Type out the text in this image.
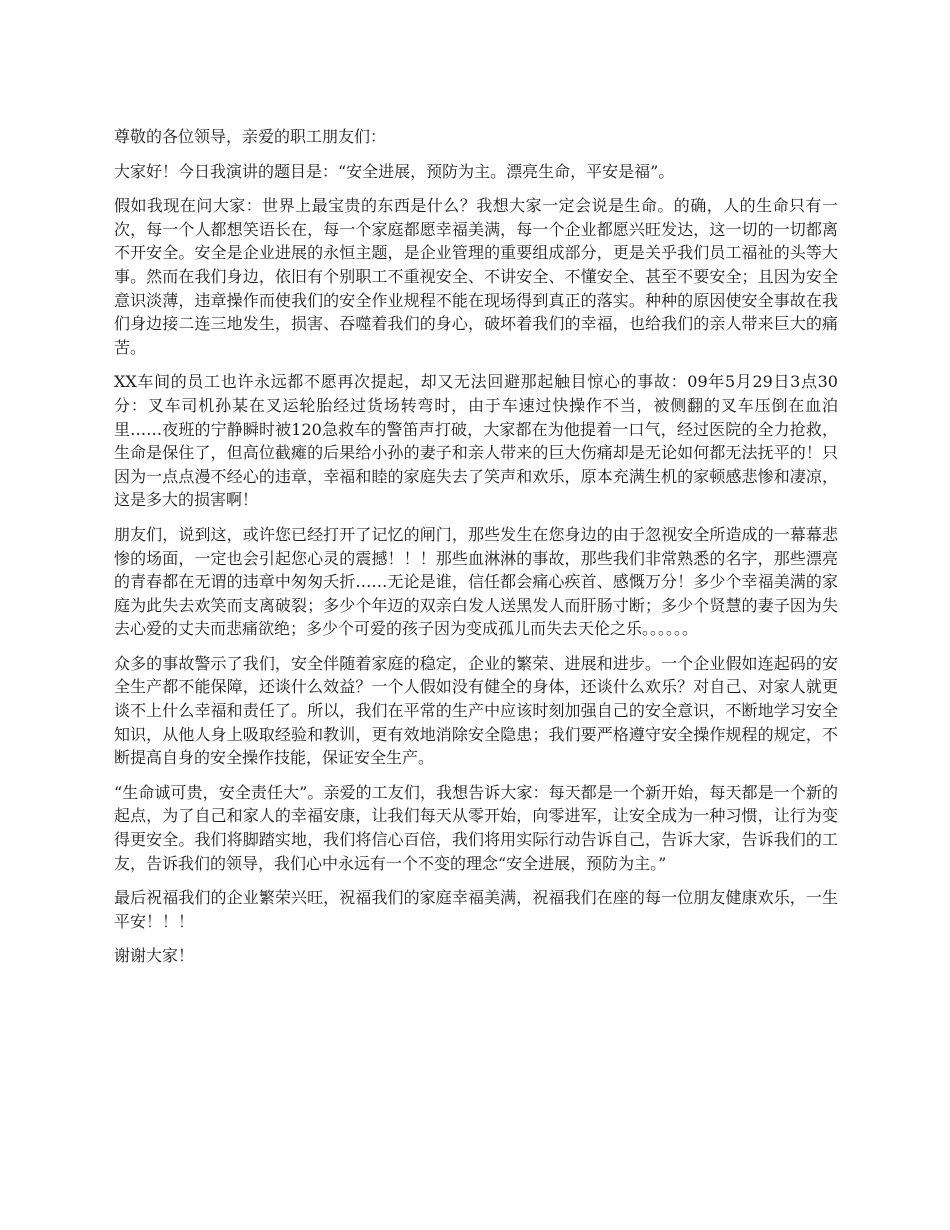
尊敬的各位领导，亲爱的职工朋友们：

大家好！今日我演讲的题目是：“安全进展，预防为主。漂亮生命，平安是福”。

假如我现在问大家：世界上最宝贵的东西是什么？我想大家一定会说是生命。的确，人的生命只有一次，每一个人都想笑语长在，每一个家庭都愿幸福美满，每一个企业都愿兴旺发达，这一切的一切都离不开安全。安全是企业进展的永恒主题，是企业管理的重要组成部分，更是关乎我们员工福祉的头等大事。然而在我们身边，依旧有个别职工不重视安全、不讲安全、不懂安全、甚至不要安全；且因为安全意识淡薄，违章操作而使我们的安全作业规程不能在现场得到真正的落实。种种的原因使安全事故在我们身边接二连三地发生，损害、吞噬着我们的身心，破坏着我们的幸福，也给我们的亲人带来巨大的痛苦。

XX车间的员工也许永远都不愿再次提起，却又无法回避那起触目惊心的事故：09年5月29日3点30分：叉车司机孙某在叉运轮胎经过货场转弯时，由于车速过快操作不当，被侧翻的叉车压倒在血泊里……夜班的宁静瞬时被120急救车的警笛声打破，大家都在为他提着一口气，经过医院的全力抢救，生命是保住了，但高位截瘫的后果给小孙的妻子和亲人带来的巨大伤痛却是无论如何都无法抚平的！只因为一点点漫不经心的违章，幸福和睦的家庭失去了笑声和欢乐，原本充满生机的家顿感悲惨和凄凉，这是多大的损害啊！

朋友们，说到这，或许您已经打开了记忆的闸门，那些发生在您身边的由于忽视安全所造成的一幕幕悲惨的场面，一定也会引起您心灵的震撼！！！那些血淋淋的事故，那些我们非常熟悉的名字，那些漂亮的青春都在无谓的违章中匆匆夭折……无论是谁，信任都会痛心疾首、感慨万分！多少个幸福美满的家庭为此失去欢笑而支离破裂；多少个年迈的双亲白发人送黑发人而肝肠寸断；多少个贤慧的妻子因为失去心爱的丈夫而悲痛欲绝；多少个可爱的孩子因为变成孤儿而失去天伦之乐。。。。。。

众多的事故警示了我们，安全伴随着家庭的稳定，企业的繁荣、进展和进步。一个企业假如连起码的安全生产都不能保障，还谈什么效益？一个人假如没有健全的身体，还谈什么欢乐？对自己、对家人就更谈不上什么幸福和责任了。所以，我们在平常的生产中应该时刻加强自己的安全意识，不断地学习安全知识，从他人身上吸取经验和教训，更有效地消除安全隐患；我们要严格遵守安全操作规程的规定，不断提高自身的安全操作技能，保证安全生产。

“生命诚可贵，安全责任大”。亲爱的工友们，我想告诉大家：每天都是一个新开始，每天都是一个新的起点，为了自己和家人的幸福安康，让我们每天从零开始，向零进军，让安全成为一种习惯，让行为变得更安全。我们将脚踏实地，我们将信心百倍，我们将用实际行动告诉自己，告诉大家，告诉我们的工友，告诉我们的领导，我们心中永远有一个不变的理念“安全进展，预防为主。”

最后祝福我们的企业繁荣兴旺，祝福我们的家庭幸福美满，祝福我们在座的每一位朋友健康欢乐，一生平安！！！

谢谢大家！
